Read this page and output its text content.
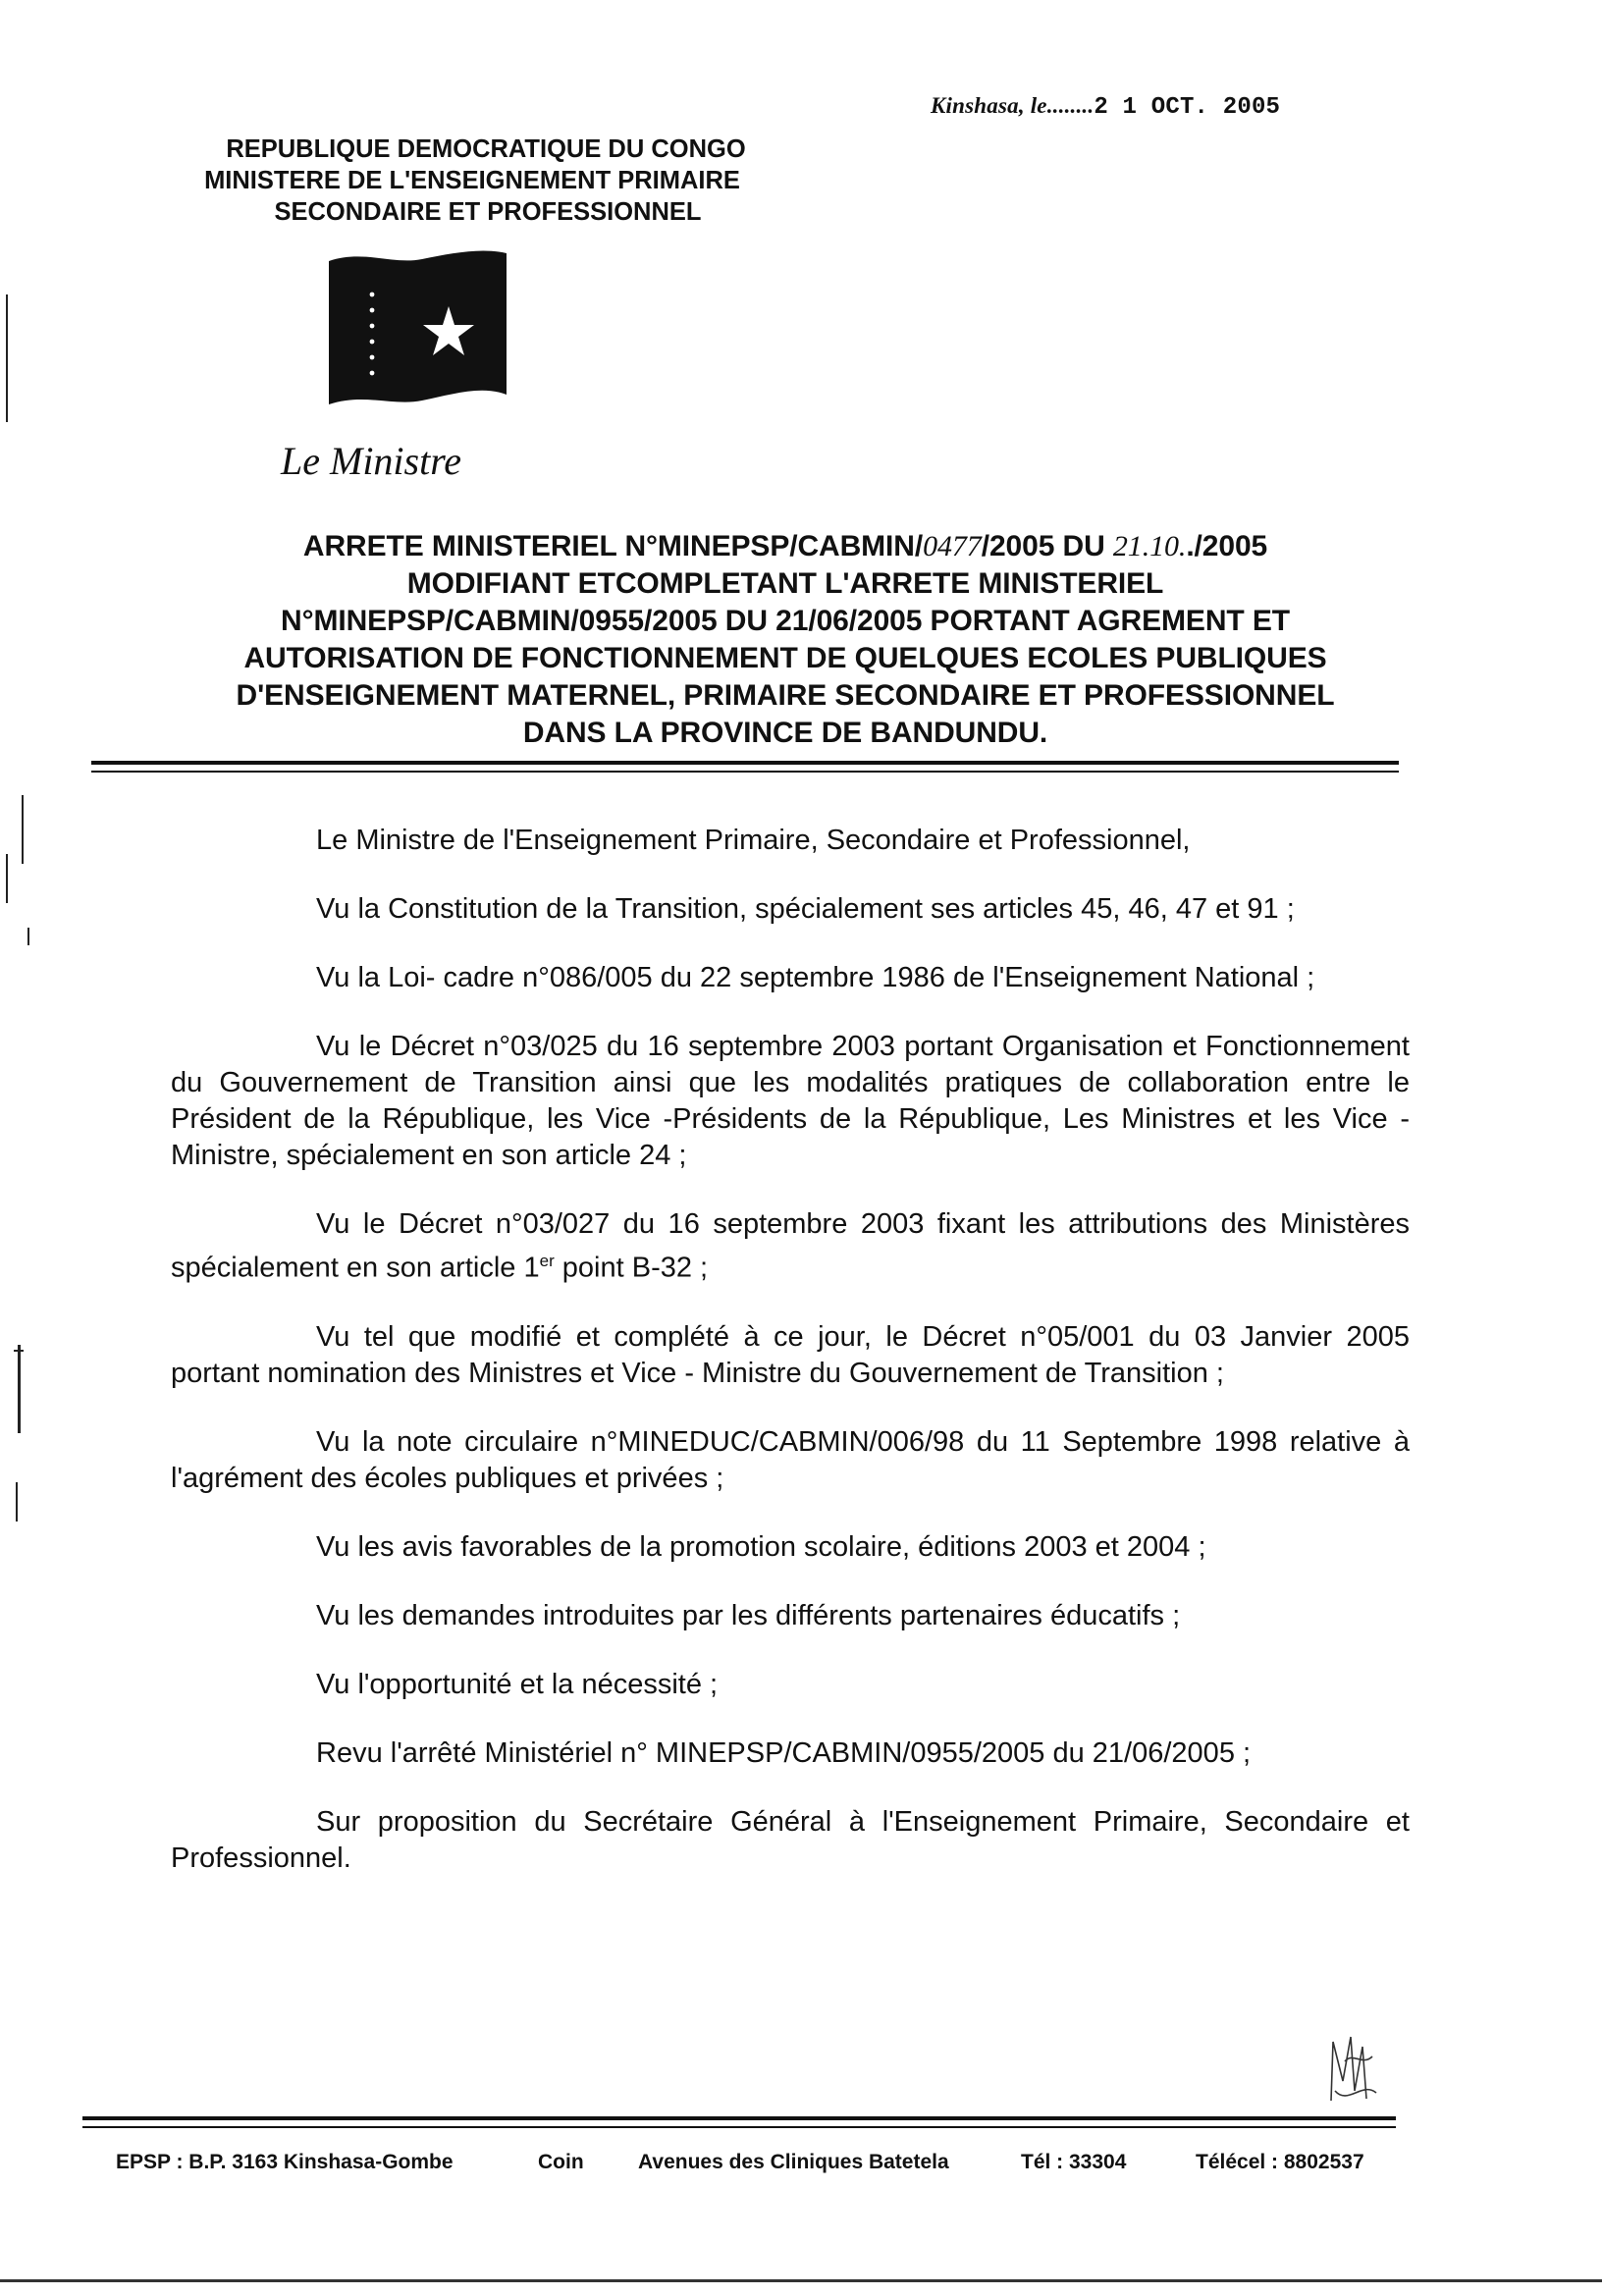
Kinshasa, le........2 1 OCT. 2005
REPUBLIQUE DEMOCRATIQUE DU CONGO
MINISTERE DE L'ENSEIGNEMENT PRIMAIRE
SECONDAIRE ET PROFESSIONNEL
Le Ministre
ARRETE MINISTERIEL N°MINEPSP/CABMIN/0477/2005 DU 21.10../2005
MODIFIANT ETCOMPLETANT L'ARRETE MINISTERIEL
N°MINEPSP/CABMIN/0955/2005 DU 21/06/2005 PORTANT AGREMENT ET
AUTORISATION DE FONCTIONNEMENT DE QUELQUES ECOLES PUBLIQUES
D'ENSEIGNEMENT MATERNEL, PRIMAIRE SECONDAIRE ET PROFESSIONNEL
DANS LA PROVINCE DE BANDUNDU.

Le Ministre de l'Enseignement Primaire, Secondaire et Professionnel,

Vu la Constitution de la Transition, spécialement ses articles 45, 46, 47 et 91 ;

Vu la Loi- cadre n°086/005 du 22 septembre 1986 de l'Enseignement National ;

Vu le Décret n°03/025 du 16 septembre 2003 portant Organisation et Fonctionnement du Gouvernement de Transition ainsi que les modalités pratiques de collaboration entre le Président de la République, les Vice -Présidents de la République, Les Ministres et les Vice - Ministre, spécialement en son article 24 ;

Vu le Décret n°03/027 du 16 septembre 2003 fixant les attributions des Ministères spécialement en son article 1er point B-32 ;

Vu tel que modifié et complété à ce jour, le Décret n°05/001 du 03 Janvier 2005 portant nomination des Ministres et Vice - Ministre du Gouvernement de Transition ;

Vu la note circulaire n°MINEDUC/CABMIN/006/98 du 11 Septembre 1998 relative à l'agrément des écoles publiques et privées ;

Vu les avis favorables de la promotion scolaire, éditions 2003 et 2004 ;

Vu les demandes introduites par les différents partenaires éducatifs ;

Vu l'opportunité et la nécessité ;

Revu l'arrêté Ministériel n° MINEPSP/CABMIN/0955/2005 du 21/06/2005 ;

Sur proposition du Secrétaire Général à l'Enseignement Primaire, Secondaire et Professionnel.

EPSP : B.P. 3163 Kinshasa-Gombe	Coin	Avenues des Cliniques Batetela	Tél : 33304	Télécel : 8802537
